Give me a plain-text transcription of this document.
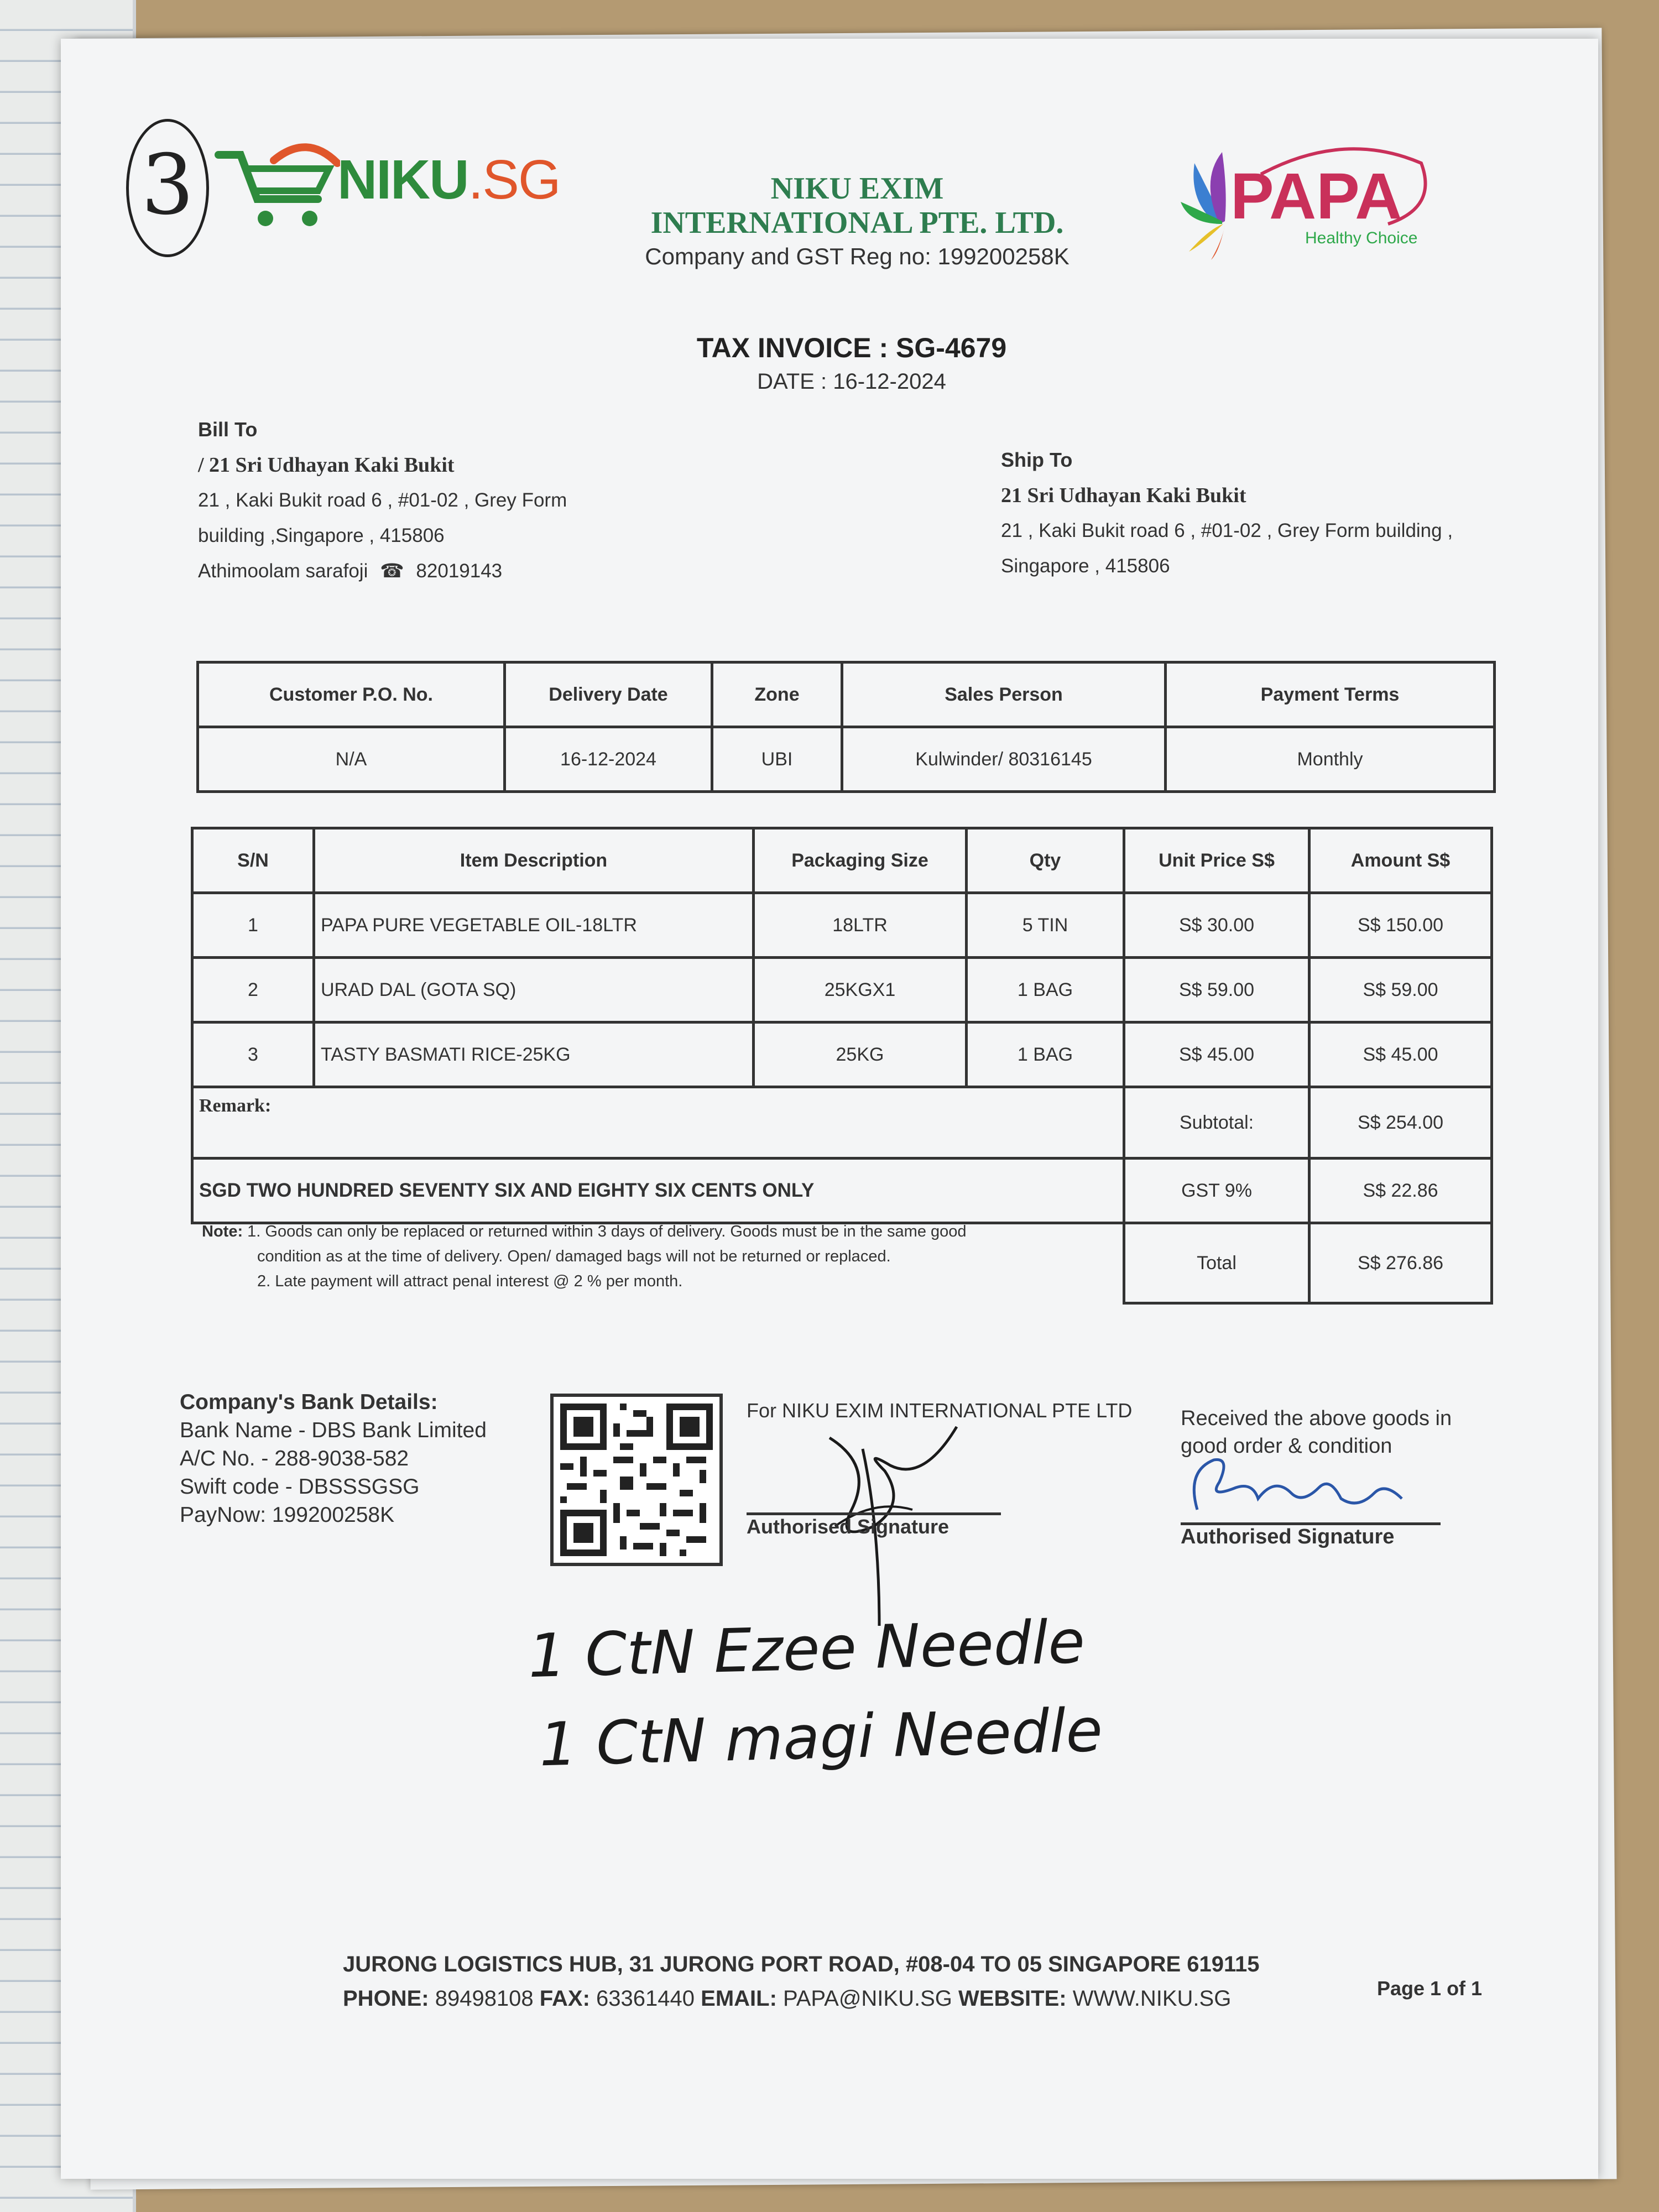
3	NIKU.SG	NIKU EXIM
INTERNATIONAL PTE. LTD.
Company and GST Reg no: 199200258K
PAPA
Healthy Choice
TAX INVOICE : SG-4679
DATE : 16-12-2024
Bill To
/ 21 Sri Udhayan Kaki Bukit
21 , Kaki Bukit road 6 , #01-02 , Grey Form
building ,Singapore , 415806
Athimoolam sarafoji ☎ 82019143
Ship To
21 Sri Udhayan Kaki Bukit
21 , Kaki Bukit road 6 , #01-02 , Grey Form building ,
Singapore , 415806
Customer P.O. No.	Delivery Date	Zone	Sales Person	Payment Terms
N/A	16-12-2024	UBI	Kulwinder/ 80316145	Monthly
S/N	Item Description	Packaging Size	Qty	Unit Price S$	Amount S$
1	PAPA PURE VEGETABLE OIL-18LTR	18LTR	5 TIN	S$ 30.00	S$ 150.00
2	URAD DAL (GOTA SQ)	25KGX1	1 BAG	S$ 59.00	S$ 59.00
3	TASTY BASMATI RICE-25KG	25KG	1 BAG	S$ 45.00	S$ 45.00
Remark:				Subtotal:	S$ 254.00
SGD TWO HUNDRED SEVENTY SIX AND EIGHTY SIX CENTS ONLY				GST 9%	S$ 22.86
				Total	S$ 276.86
Note: 1. Goods can only be replaced or returned within 3 days of delivery. Goods must be in the same good
condition as at the time of delivery. Open/ damaged bags will not be returned or replaced.
2. Late payment will attract penal interest @ 2 % per month.
Company's Bank Details:
Bank Name - DBS Bank Limited
A/C No. - 288-9038-582
Swift code - DBSSSGSG
PayNow: 199200258K
For NIKU EXIM INTERNATIONAL PTE LTD
Authorised Signature
Received the above goods in good order & condition
Authorised Signature
1 CtN Ezee Needle
1 CtN magi Needle
JURONG LOGISTICS HUB, 31 JURONG PORT ROAD, #08-04 TO 05 SINGAPORE 619115
PHONE: 89498108 FAX: 63361440 EMAIL: PAPA@NIKU.SG WEBSITE: WWW.NIKU.SG	Page 1 of 1
